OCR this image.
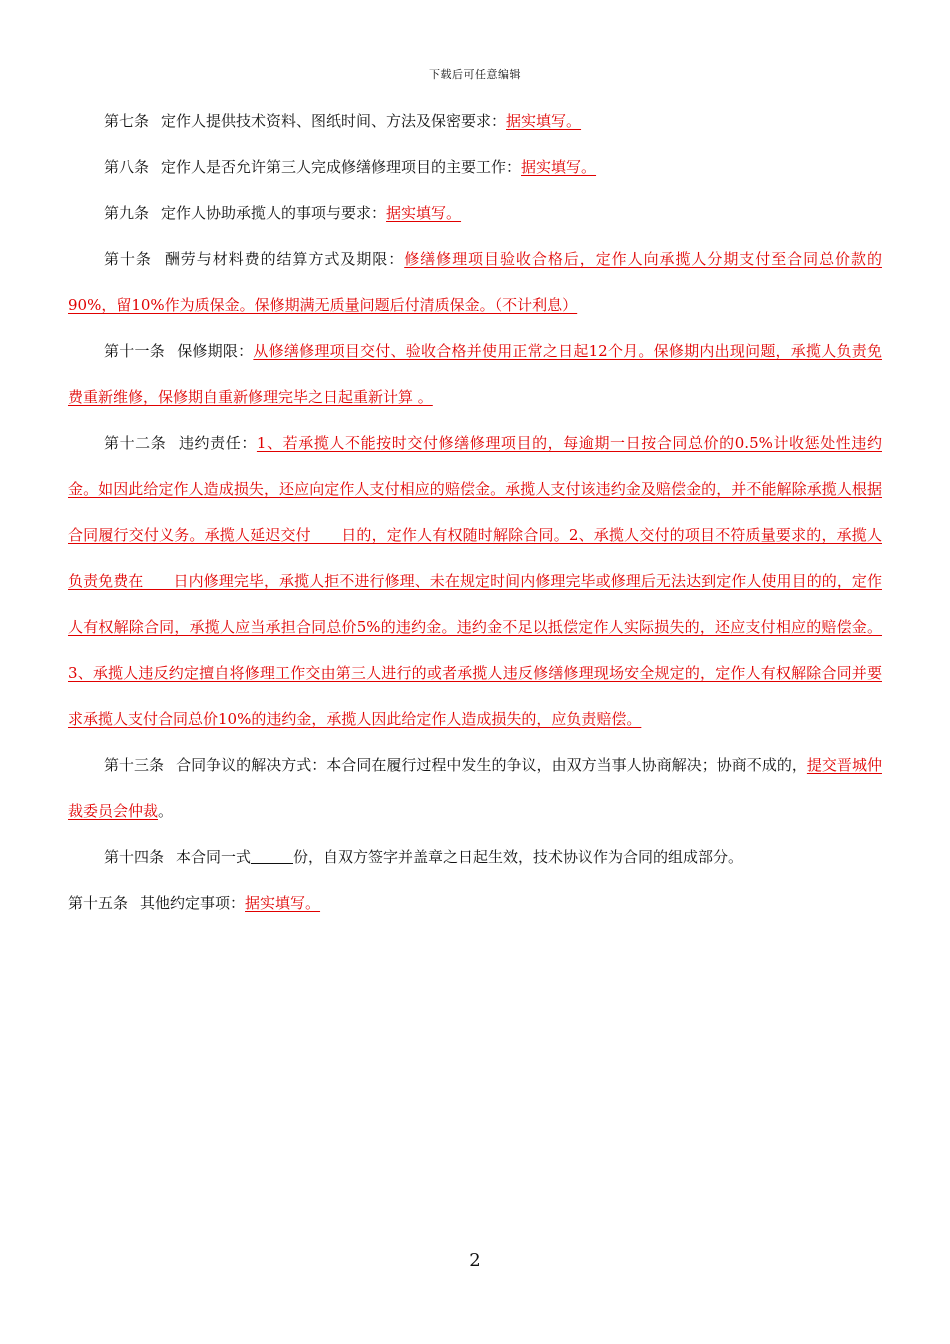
下载后可任意编辑

第七条 定作人提供技术资料、图纸时间、方法及保密要求：据实填写。

第八条 定作人是否允许第三人完成修缮修理项目的主要工作：据实填写。

第九条 定作人协助承揽人的事项与要求：据实填写。

第十条 酬劳与材料费的结算方式及期限：修缮修理项目验收合格后，定作人向承揽人分期支付至合同总价款的90%，留10%作为质保金。保修期满无质量问题后付清质保金。（不计利息）

第十一条 保修期限：从修缮修理项目交付、验收合格并使用正常之日起12个月。保修期内出现问题，承揽人负责免费重新维修，保修期自重新修理完毕之日起重新计算 。

第十二条 违约责任：1、若承揽人不能按时交付修缮修理项目的，每逾期一日按合同总价的0.5%计收惩处性违约金。如因此给定作人造成损失，还应向定作人支付相应的赔偿金。承揽人支付该违约金及赔偿金的，并不能解除承揽人根据合同履行交付义务。承揽人延迟交付　　日的，定作人有权随时解除合同。2、承揽人交付的项目不符质量要求的，承揽人负责免费在　　日内修理完毕，承揽人拒不进行修理、未在规定时间内修理完毕或修理后无法达到定作人使用目的的，定作人有权解除合同，承揽人应当承担合同总价5%的违约金。违约金不足以抵偿定作人实际损失的，还应支付相应的赔偿金。3、承揽人违反约定擅自将修理工作交由第三人进行的或者承揽人违反修缮修理现场安全规定的，定作人有权解除合同并要求承揽人支付合同总价10%的违约金，承揽人因此给定作人造成损失的，应负责赔偿。

第十三条 合同争议的解决方式：本合同在履行过程中发生的争议，由双方当事人协商解决；协商不成的，提交晋城仲裁委员会仲裁。

第十四条 本合同一式	份，自双方签字并盖章之日起生效，技术协议作为合同的组成部分。

第十五条 其他约定事项：据实填写。

2
